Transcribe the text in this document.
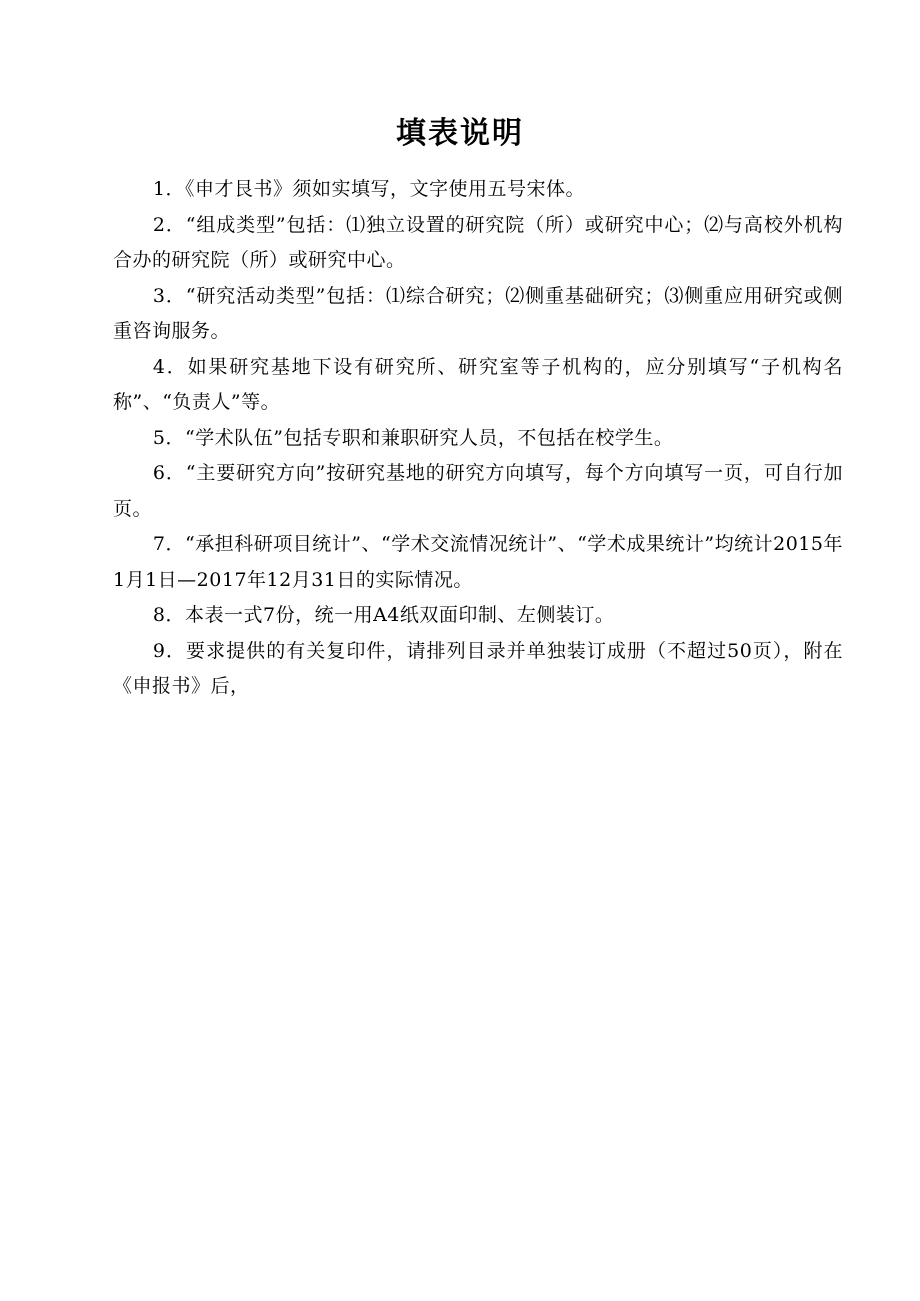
填表说明

1．《申才艮书》须如实填写，文字使用五号宋体。

2．“组成类型”包括：⑴独立设置的研究院（所）或研究中心；⑵与高校外机构合办的研究院（所）或研究中心。

3．“研究活动类型”包括：⑴综合研究；⑵侧重基础研究；⑶侧重应用研究或侧重咨询服务。

4．如果研究基地下设有研究所、研究室等子机构的，应分别填写“子机构名称”、“负责人”等。

5．“学术队伍”包括专职和兼职研究人员，不包括在校学生。

6．“主要研究方向”按研究基地的研究方向填写，每个方向填写一页，可自行加页。

7．“承担科研项目统计”、“学术交流情况统计”、“学术成果统计”均统计2015年1月1日—2017年12月31日的实际情况。

8．本表一式7份，统一用A4纸双面印制、左侧装订。

9．要求提供的有关复印件，请排列目录并单独装订成册（不超过50页），附在《申报书》后，
